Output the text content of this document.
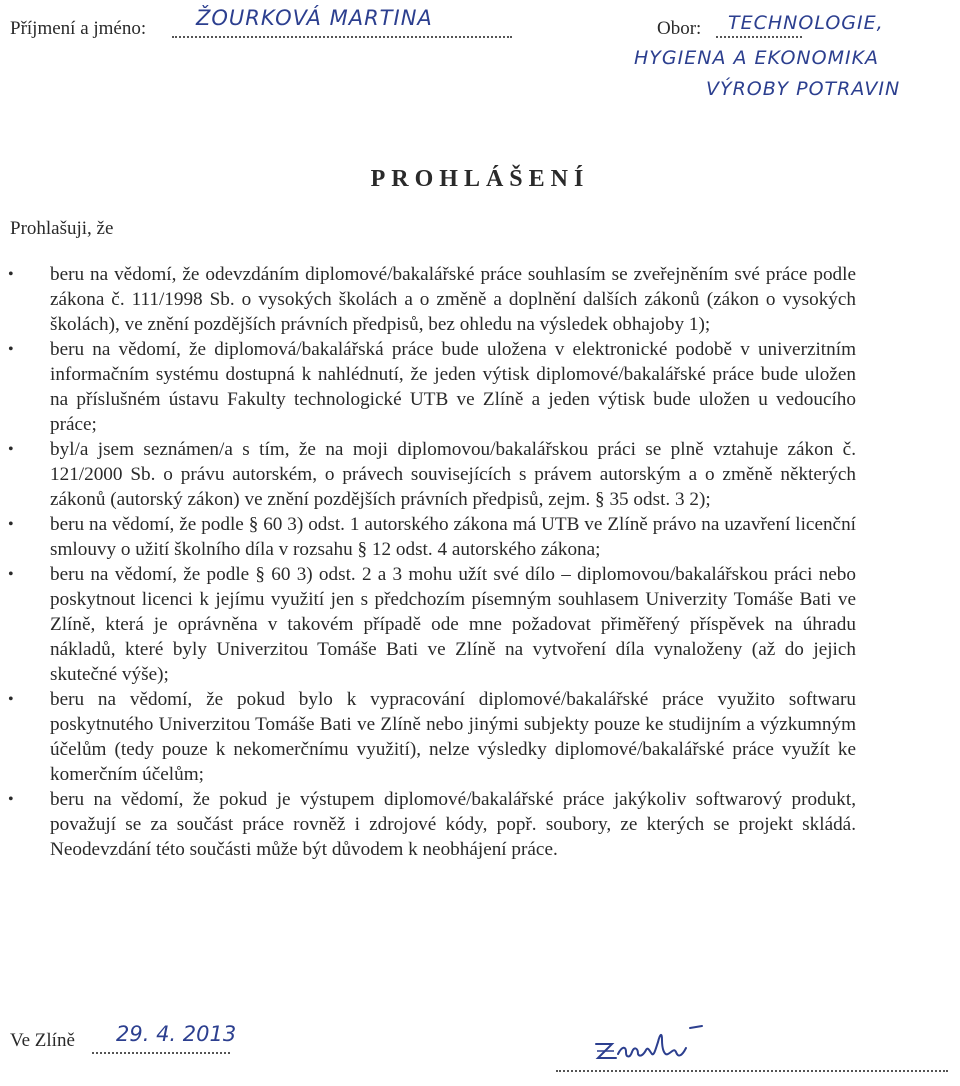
Příjmení a jméno: ŽOURKOVÁ MARTINA	Obor: TECHNOLOGIE,
HYGIENA A EKONOMIKA
VÝROBY POTRAVIN
PROHLÁŠENÍ
Prohlašuji, že
•	beru na vědomí, že odevzdáním diplomové/bakalářské práce souhlasím se zveřejněním své práce podle zákona č. 111/1998 Sb. o vysokých školách a o změně a doplnění dalších zákonů (zákon o vysokých školách), ve znění pozdějších právních předpisů, bez ohledu na výsledek obhajoby 1);
•	beru na vědomí, že diplomová/bakalářská práce bude uložena v elektronické podobě v univerzitním informačním systému dostupná k nahlédnutí, že jeden výtisk diplomové/bakalářské práce bude uložen na příslušném ústavu Fakulty technologické UTB ve Zlíně a jeden výtisk bude uložen u vedoucího práce;
•	byl/a jsem seznámen/a s tím, že na moji diplomovou/bakalářskou práci se plně vztahuje zákon č. 121/2000 Sb. o právu autorském, o právech souvisejících s právem autorským a o změně některých zákonů (autorský zákon) ve znění pozdějších právních předpisů, zejm. § 35 odst. 3 2);
•	beru na vědomí, že podle § 60 3) odst. 1 autorského zákona má UTB ve Zlíně právo na uzavření licenční smlouvy o užití školního díla v rozsahu § 12 odst. 4 autorského zákona;
•	beru na vědomí, že podle § 60 3) odst. 2 a 3 mohu užít své dílo – diplomovou/bakalářskou práci nebo poskytnout licenci k jejímu využití jen s předchozím písemným souhlasem Univerzity Tomáše Bati ve Zlíně, která je oprávněna v takovém případě ode mne požadovat přiměřený příspěvek na úhradu nákladů, které byly Univerzitou Tomáše Bati ve Zlíně na vytvoření díla vynaloženy (až do jejich skutečné výše);
•	beru na vědomí, že pokud bylo k vypracování diplomové/bakalářské práce využito softwaru poskytnutého Univerzitou Tomáše Bati ve Zlíně nebo jinými subjekty pouze ke studijním a výzkumným účelům (tedy pouze k nekomerčnímu využití), nelze výsledky diplomové/bakalářské práce využít ke komerčním účelům;
•	beru na vědomí, že pokud je výstupem diplomové/bakalářské práce jakýkoliv softwarový produkt, považují se za součást práce rovněž i zdrojové kódy, popř. soubory, ze kterých se projekt skládá. Neodevzdání této součásti může být důvodem k neobhájení práce.
Ve Zlíně 29. 4. 2013
